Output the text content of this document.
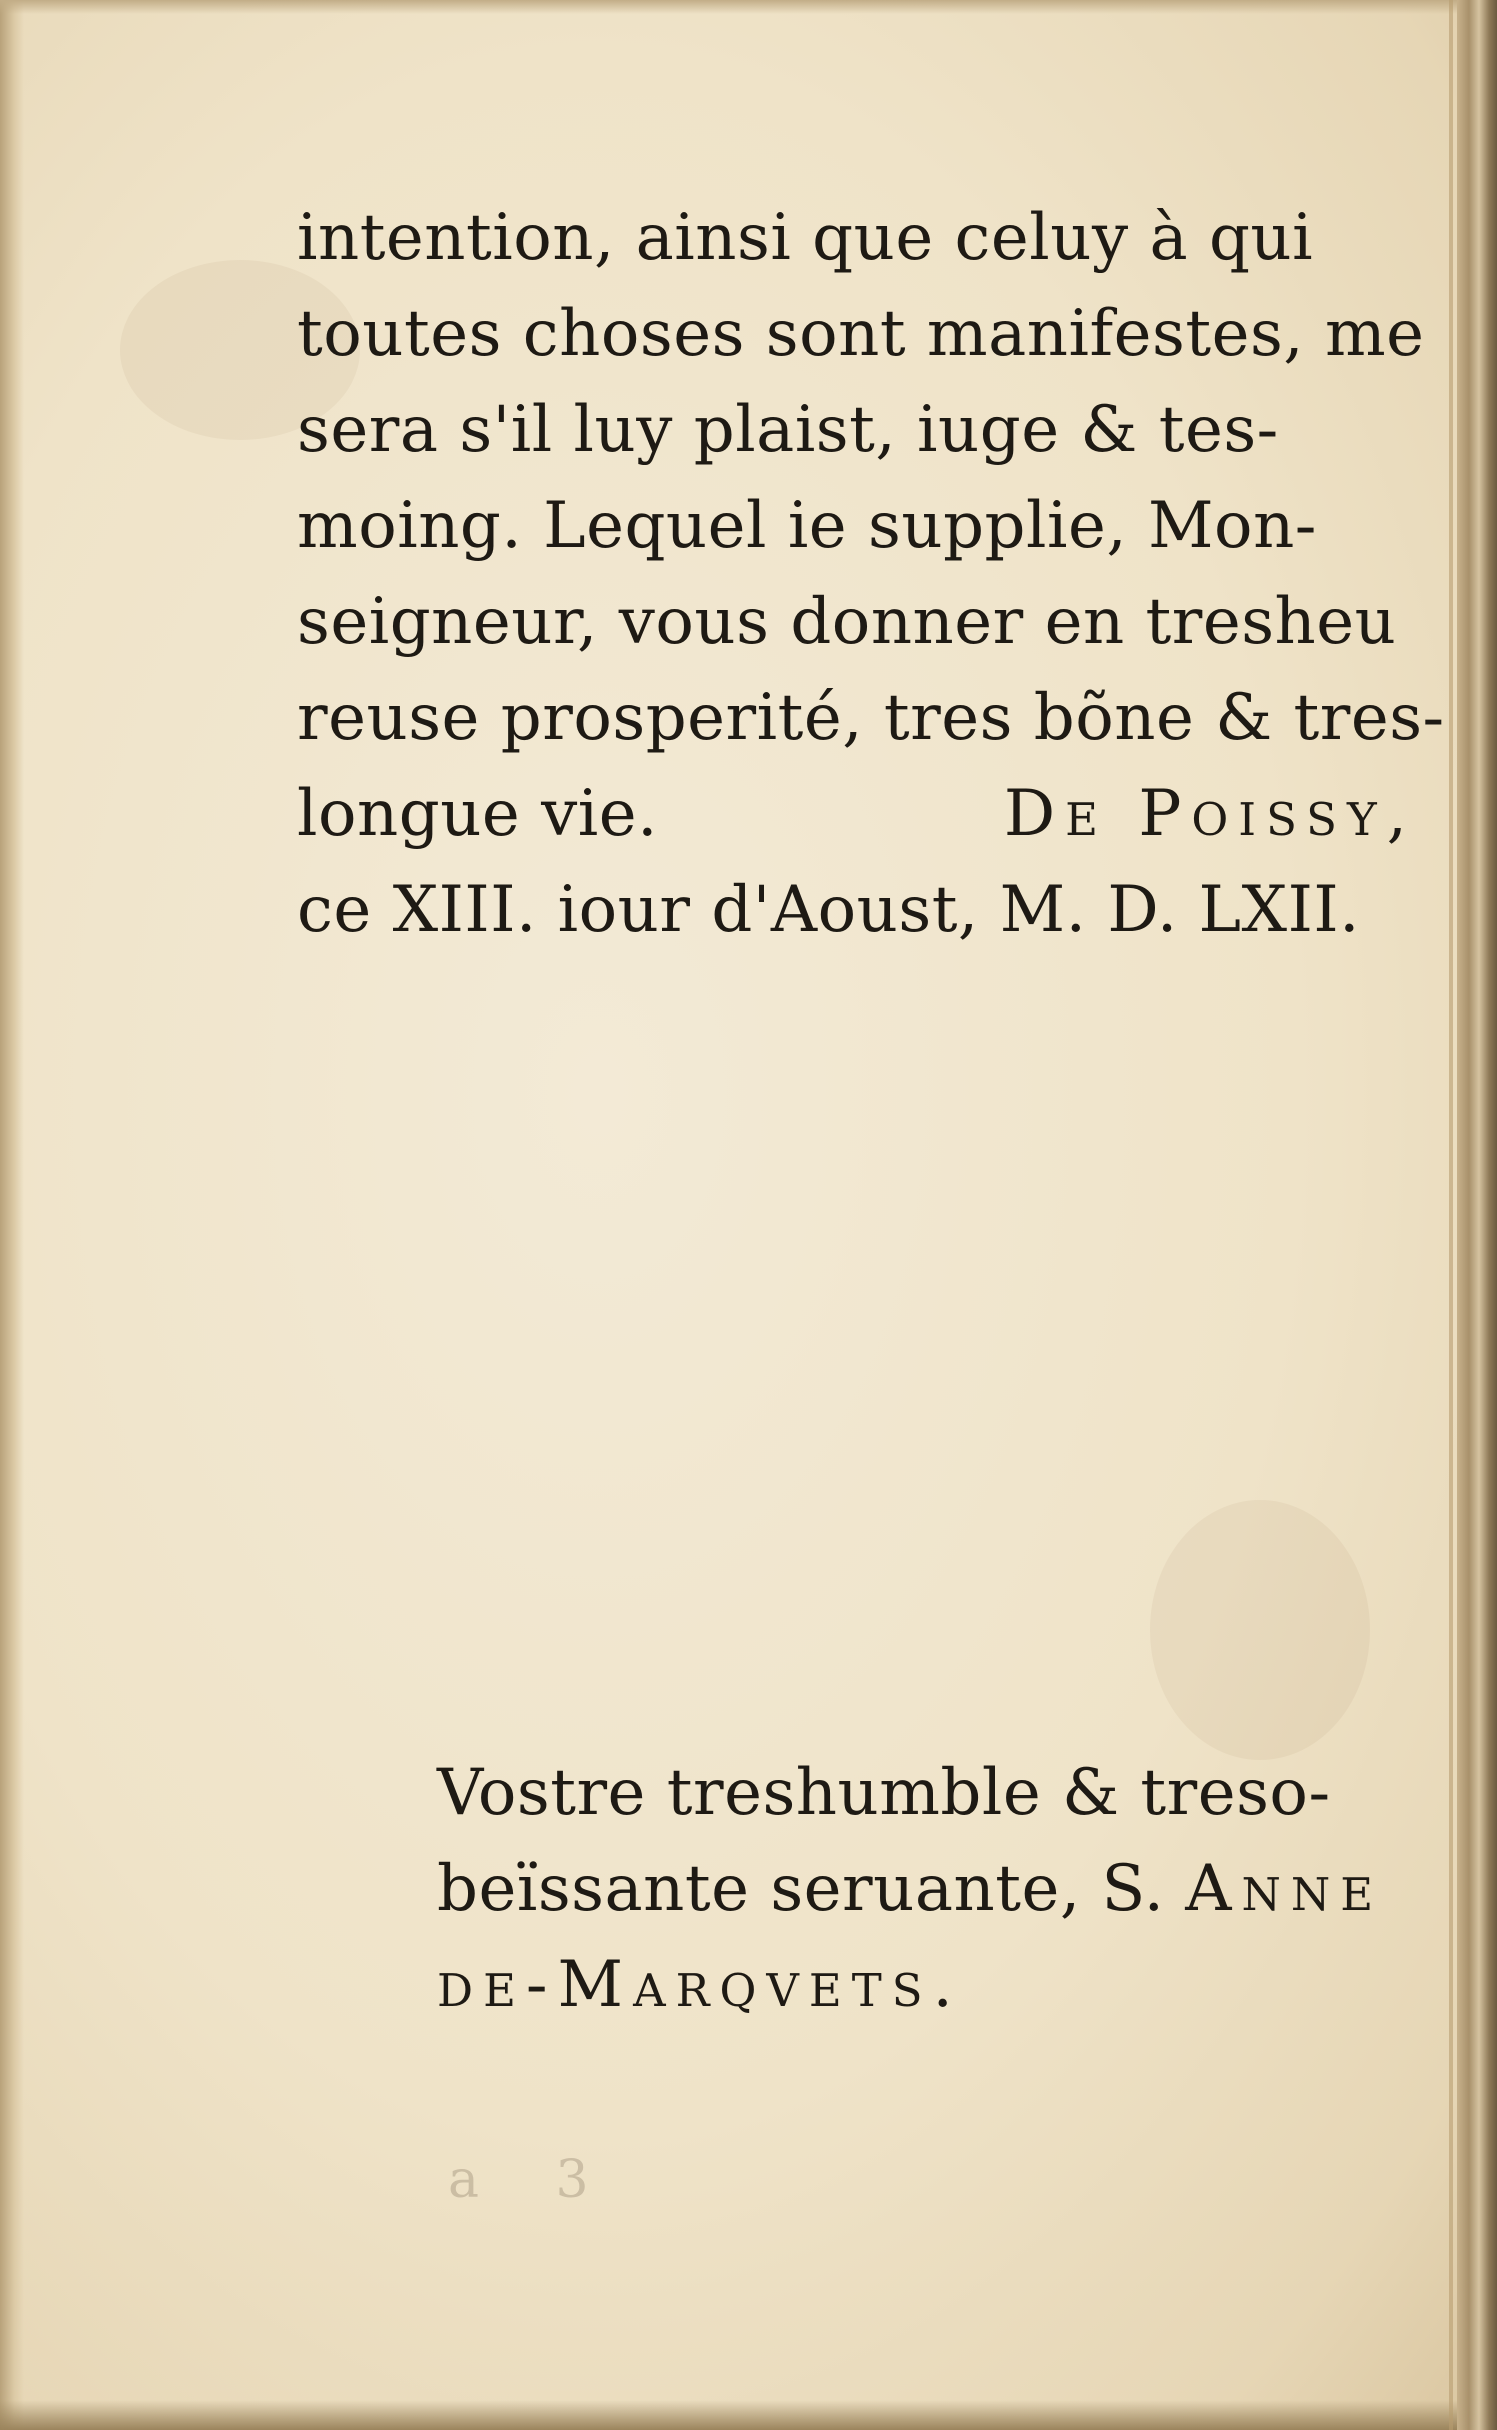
intention, ainsi que celuy à qui
toutes choses sont manifestes, me
sera s'il luy plaist, iuge & tes-
moing. Lequel ie supplie, Mon-
seigneur, vous donner en tresheu
reuse prosperité, tres bõne & tres-
longue vie.	De Poissy,
ce XIII. iour d'Aoust, M. D. LXII.
Vostre treshumble & treso-
beïssante seruante, S. Anne
de-Marqvets.
a 3
